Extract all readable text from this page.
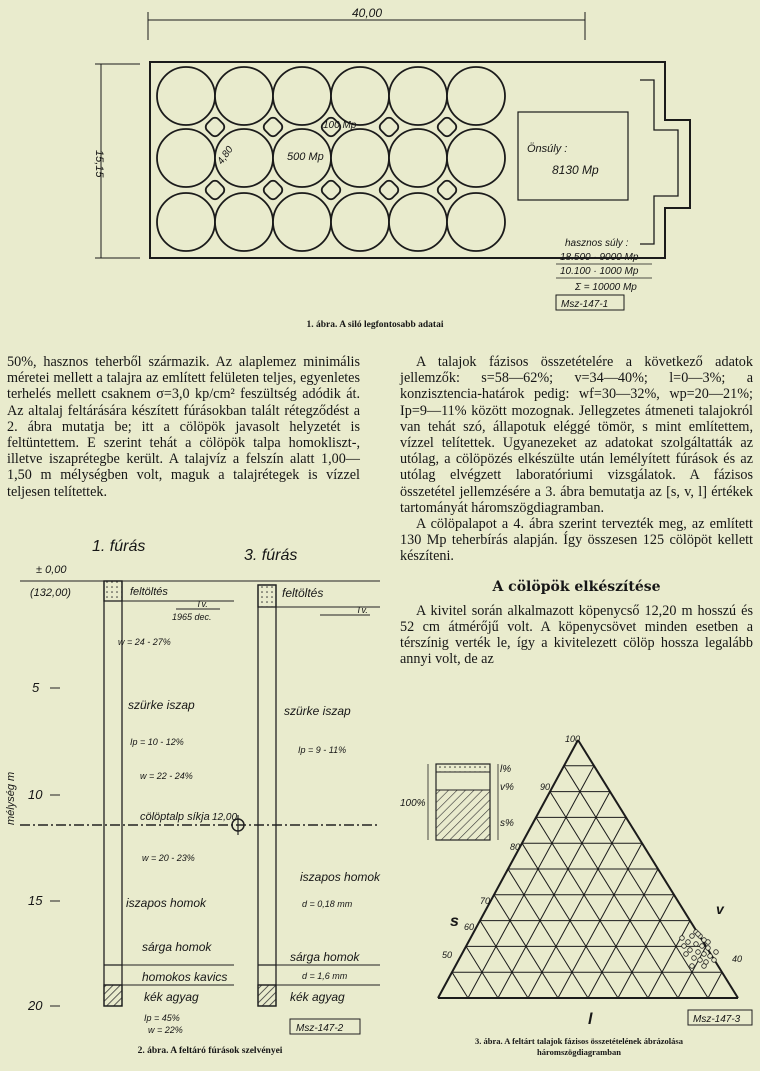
40,00
15,15	4,80
100 Mp
500 Mp
Önsúly :
8130 Mp
hasznos súly :
18.500 · 9000 Mp
10.100 · 1000 Mp
Σ = 10000 Mp
Msz-147-1
1. ábra. A siló legfontosabb adatai

50%, hasznos teherből származik. Az alaplemez minimális méretei mellett a talajra az említett felületen teljes, egyenletes terhelés mellett csaknem σ=3,0 kp/cm² feszültség adódik át. Az altalaj feltárására készített fúrásokban talált rétegződést a 2. ábra mutatja be; itt a cölöpök javasolt helyzetét is feltüntettem. E szerint tehát a cölöpök talpa homokliszt-, illetve iszaprétegbe került. A talajvíz a felszín alatt 1,00—1,50 m mélységben volt, maguk a talajrétegek is vízzel teljesen telítettek.

A talajok fázisos összetételére a következő adatok jellemzők: s=58—62%; v=34—40%; l=0—3%; a konzisztencia-határok pedig: wf=30—32%, wp=20—21%; Ip=9—11% között mozognak. Jellegzetes átmeneti talajokról van tehát szó, állapotuk eléggé tömör, s mint említettem, vízzel telítettek. Ugyanezeket az adatokat szolgáltatták az utólag, a cölöpözés elkészülte után lemélyített fúrások és az utólag elvégzett laboratóriumi vizsgálatok. A fázisos összetétel jellemzésére a 3. ábra bemutatja az [s, v, l] értékek tartományát háromszögdiagramban.

A cölöpalapot a 4. ábra szerint tervezték meg, az említett 130 Mp teherbírás alapján. Így összesen 125 cölöpöt kellett készíteni.

A cölöpök elkészítése

A kivitel során alkalmazott köpenycső 12,20 m hosszú és 52 cm átmérőjű volt. A köpenycsövet minden esetben a térszínig verték le, így a kivitelezett cölöp hossza legalább annyi volt, de az

1. fúrás
3. fúrás
± 0,00
(132,00)
5
10
15
20
mélység m
feltöltés
Tv.
1965 dec.
w = 24 - 27%
szürke iszap
Ip = 10 - 12%
w = 22 - 24%
cölöptalp síkja 12,00
w = 20 - 23%
iszapos homok
sárga homok
homokos kavics
kék agyag
Ip = 45%
w = 22%
feltöltés
Tv.
szürke iszap
Ip = 9 - 11%
iszapos homok
d = 0,18 mm
sárga homok
d = 1,6 mm
kék agyag
Msz-147-2
2. ábra. A feltáró fúrások szelvényei
l%
v%
s%
100%
100
90
80
70
60
50	40
s
v
l	Msz-147-3
3. ábra. A feltárt talajok fázisos összetételének ábrázolása
háromszögdiagramban
